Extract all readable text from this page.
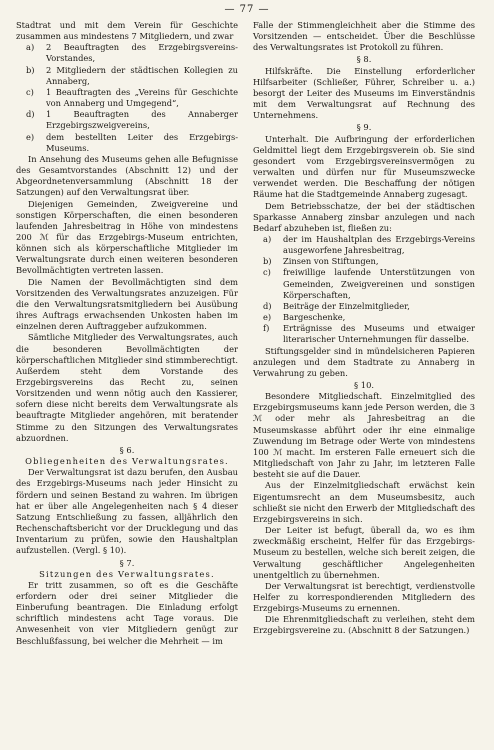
— 77 —

Stadtrat und mit dem Verein für Geschichte zusammen aus mindestens 7 Mitgliedern, und zwar

a) 2 Beauftragten des Erzgebirgsvereins-Vorstandes,
b) 2 Mitgliedern der städtischen Kollegien zu Annaberg,
c) 1 Beauftragten des „Vereins für Geschichte von Annaberg und Umgegend“,
d) 1 Beauftragten des Annaberger Erzgebirgszweigvereins,
e) dem bestellten Leiter des Erzgebirgs-Museums.

In Ansehung des Museums gehen alle Befugnisse des Gesamtvorstandes (Abschnitt 12) und der Abgeordnetenversammlung (Abschnitt 18 der Satzungen) auf den Verwaltungsrat über.

Diejenigen Gemeinden, Zweigvereine und sonstigen Körperschaften, die einen besonderen laufenden Jahresbeitrag in Höhe von mindestens 200 ℳ für das Erzgebirgs-Museum entrichten, können sich als körperschaftliche Mitglieder im Verwaltungsrate durch einen weiteren besonderen Bevollmächtigten vertreten lassen.

Die Namen der Bevollmächtigten sind dem Vorsitzenden des Verwaltungsrates anzuzeigen. Für die den Verwaltungsratsmitgliedern bei Ausübung ihres Auftrags erwachsenden Unkosten haben im einzelnen deren Auftraggeber aufzukommen.

Sämtliche Mitglieder des Verwaltungsrates, auch die besonderen Bevollmächtigten der körperschaftlichen Mitglieder sind stimmberechtigt. Außerdem steht dem Vorstande des Erzgebirgsvereins das Recht zu, seinen Vorsitzenden und wenn nötig auch den Kassierer, sofern diese nicht bereits dem Verwaltungsrate als beauftragte Mitglieder angehören, mit beratender Stimme zu den Sitzungen des Verwaltungsrates abzuordnen.

§ 6.

Obliegenheiten des Verwaltungsrates.

Der Verwaltungsrat ist dazu berufen, den Ausbau des Erzgebirgs-Museums nach jeder Hinsicht zu fördern und seinen Bestand zu wahren. Im übrigen hat er über alle Angelegenheiten nach § 4 dieser Satzung Entschließung zu fassen, alljährlich den Rechenschaftsbericht vor der Drucklegung und das Inventarium zu prüfen, sowie den Haushaltplan aufzustellen. (Vergl. § 10).

§ 7.

Sitzungen des Verwaltungsrates.

Er tritt zusammen, so oft es die Geschäfte erfordern oder drei seiner Mitglieder die Einberufung beantragen. Die Einladung erfolgt schriftlich mindestens acht Tage voraus. Die Anwesenheit von vier Mitgliedern genügt zur Beschlußfassung, bei welcher die Mehrheit — im

Falle der Stimmengleichheit aber die Stimme des Vorsitzenden — entscheidet. Über die Beschlüsse des Verwaltungsrates ist Protokoll zu führen.

§ 8.

Hilfskräfte. Die Einstellung erforderlicher Hilfsarbeiter (Schließer, Führer, Schreiber u. a.) besorgt der Leiter des Museums im Einverständnis mit dem Verwaltungsrat auf Rechnung des Unternehmens.

§ 9.

Unterhalt. Die Aufbringung der erforderlichen Geldmittel liegt dem Erzgebirgsverein ob. Sie sind gesondert vom Erzgebirgsvereinsvermögen zu verwalten und dürfen nur für Museumszwecke verwendet werden. Die Beschaffung der nötigen Räume hat die Stadtgemeinde Annaberg zugesagt.

Dem Betriebsschatze, der bei der städtischen Sparkasse Annaberg zinsbar anzulegen und nach Bedarf abzuheben ist, fließen zu:

a) der im Haushaltplan des Erzgebirgs-Vereins ausgeworfene Jahresbeitrag,
b) Zinsen von Stiftungen,
c) freiwillige laufende Unterstützungen von Gemeinden, Zweigvereinen und sonstigen Körperschaften,
d) Beiträge der Einzelmitglieder,
e) Bargeschenke,
f) Erträgnisse des Museums und etwaiger literarischer Unternehmungen für dasselbe.

Stiftungsgelder sind in mündelsicheren Papieren anzulegen und dem Stadtrate zu Annaberg in Verwahrung zu geben.

§ 10.

Besondere Mitgliedschaft. Einzelmitglied des Erzgebirgsmuseums kann jede Person werden, die 3 ℳ oder mehr als Jahresbeitrag an die Museumskasse abführt oder ihr eine einmalige Zuwendung im Betrage oder Werte von mindestens 100 ℳ macht. Im ersteren Falle erneuert sich die Mitgliedschaft von Jahr zu Jahr, im letzteren Falle besteht sie auf die Dauer.

Aus der Einzelmitgliedschaft erwächst kein Eigentumsrecht an dem Museumsbesitz, auch schließt sie nicht den Erwerb der Mitgliedschaft des Erzgebirgsvereins in sich.

Der Leiter ist befugt, überall da, wo es ihm zweckmäßig erscheint, Helfer für das Erzgebirgs-Museum zu bestellen, welche sich bereit zeigen, die Verwaltung geschäftlicher Angelegenheiten unentgeltlich zu übernehmen.

Der Verwaltungsrat ist berechtigt, verdienstvolle Helfer zu korrespondierenden Mitgliedern des Erzgebirgs-Museums zu ernennen.

Die Ehrenmitgliedschaft zu verleihen, steht dem Erzgebirgsvereine zu. (Abschnitt 8 der Satzungen.)
